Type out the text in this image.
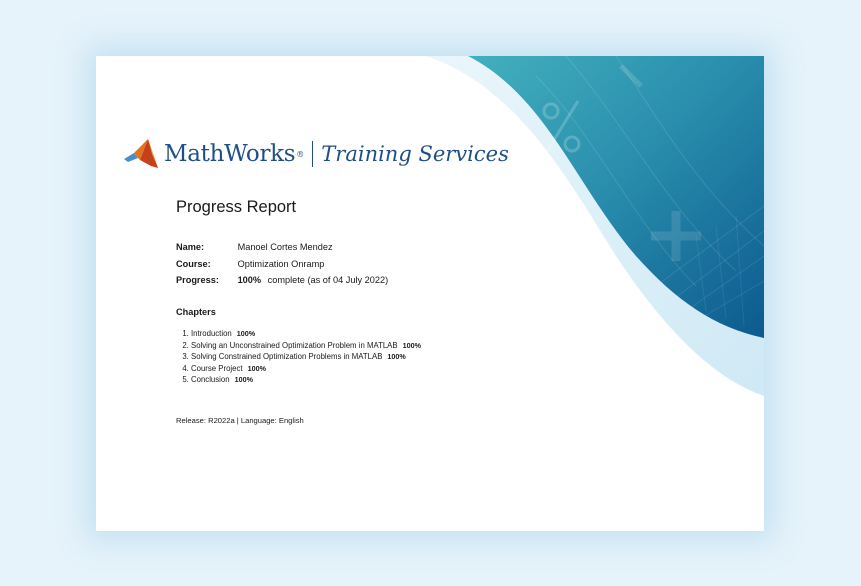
MathWorks ® Training Services
Progress Report
Name:	Manoel Cortes Mendez
Course:	Optimization Onramp
Progress: 100% complete (as of 04 July 2022)
Chapters
1. Introduction 100%
2. Solving an Unconstrained Optimization Problem in MATLAB 100%
3. Solving Constrained Optimization Problems in MATLAB 100%
4. Course Project 100%
5. Conclusion 100%
Release: R2022a | Language: English
